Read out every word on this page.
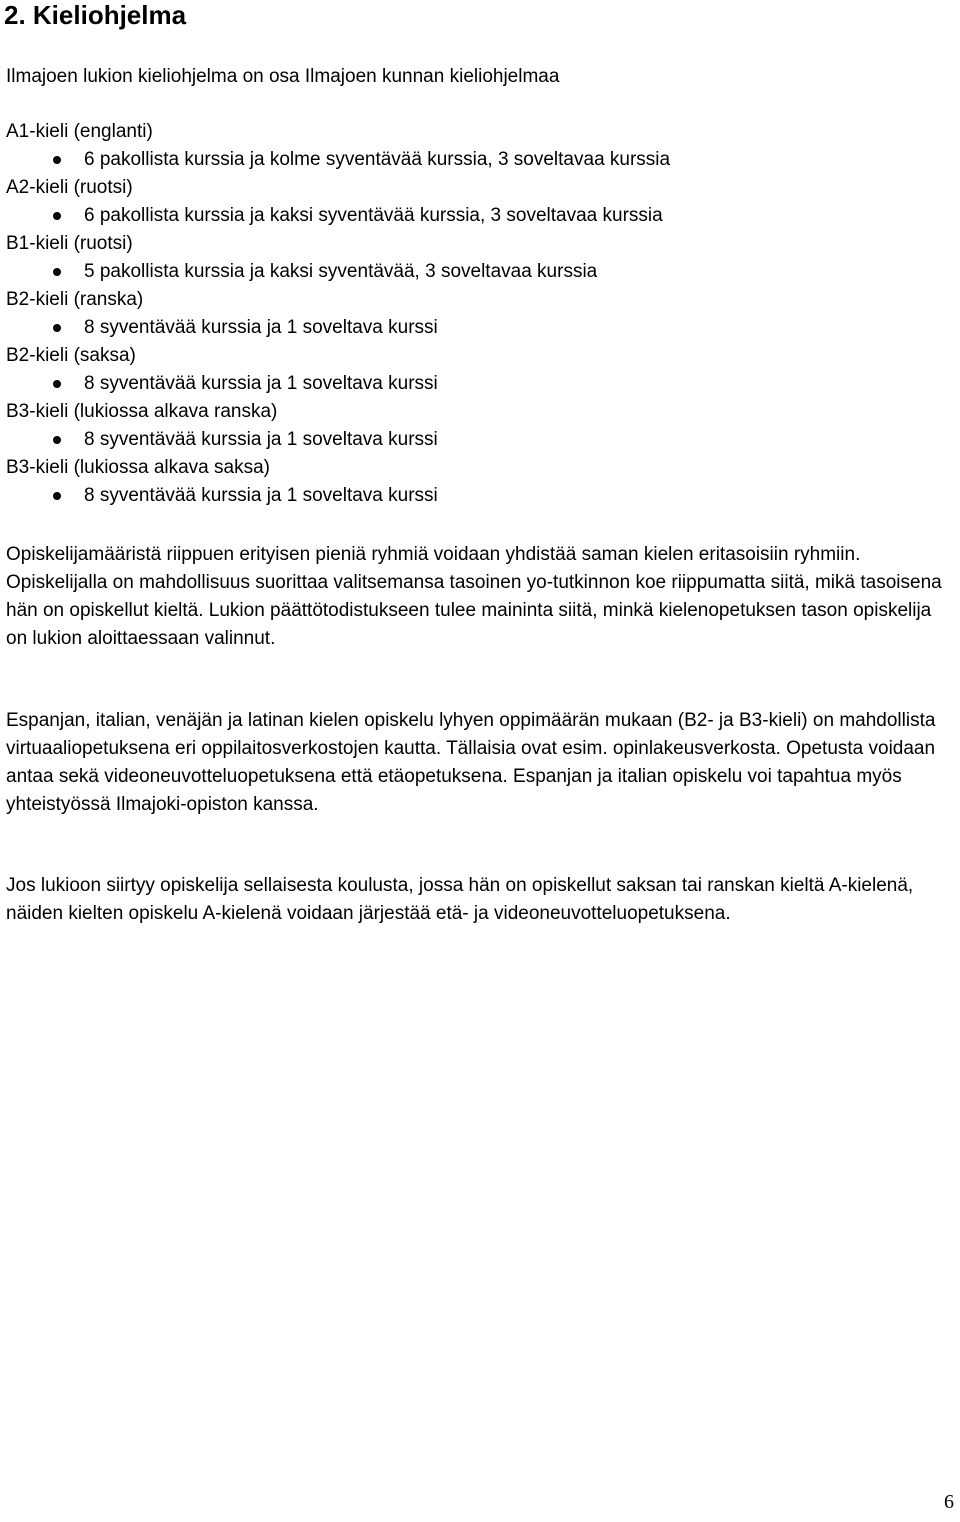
2. Kieliohjelma

Ilmajoen lukion kieliohjelma on osa Ilmajoen kunnan kieliohjelmaa

A1-kieli (englanti)

6 pakollista kurssia ja kolme syventävää kurssia, 3 soveltavaa kurssia

A2-kieli (ruotsi)

6 pakollista kurssia ja kaksi syventävää kurssia, 3 soveltavaa kurssia

B1-kieli (ruotsi)

5 pakollista kurssia ja kaksi syventävää, 3 soveltavaa kurssia

B2-kieli (ranska)

8 syventävää kurssia ja 1 soveltava kurssi

B2-kieli (saksa)

8 syventävää kurssia ja 1 soveltava kurssi

B3-kieli (lukiossa alkava ranska)

8 syventävää kurssia ja 1 soveltava kurssi

B3-kieli (lukiossa alkava saksa)

8 syventävää kurssia ja 1 soveltava kurssi

Opiskelijamääristä riippuen erityisen pieniä ryhmiä voidaan yhdistää saman kielen eritasoisiin ryhmiin. Opiskelijalla on mahdollisuus suorittaa valitsemansa tasoinen yo-tutkinnon koe riippumatta siitä, mikä tasoisena hän on opiskellut kieltä. Lukion päättötodistukseen tulee maininta siitä, minkä kielenopetuksen tason opiskelija on lukion aloittaessaan valinnut.

Espanjan, italian, venäjän ja latinan kielen opiskelu lyhyen oppimäärän mukaan (B2- ja B3-kieli) on mahdollista virtuaaliopetuksena eri oppilaitosverkostojen kautta. Tällaisia ovat esim. opinlakeusverkosta. Opetusta voidaan antaa sekä videoneuvotteluopetuksena että etäopetuksena. Espanjan ja italian opiskelu voi tapahtua myös yhteistyössä Ilmajoki-opiston kanssa.

Jos lukioon siirtyy opiskelija sellaisesta koulusta, jossa hän on opiskellut saksan tai ranskan kieltä A-kielenä, näiden kielten opiskelu A-kielenä voidaan järjestää etä- ja videoneuvotteluopetuksena.

6
